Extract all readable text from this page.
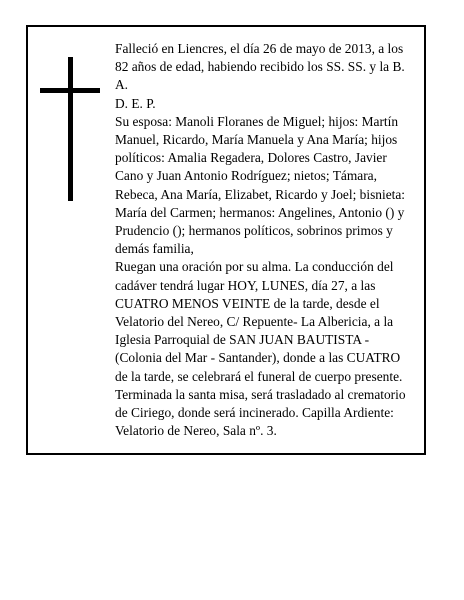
Falleció en Liencres, el día 26 de mayo de 2013, a los 82 años de edad, habiendo recibido los SS. SS. y la B. A.

D. E. P.

Su esposa: Manoli Floranes de Miguel; hijos: Martín Manuel, Ricardo, María Manuela y Ana María; hijos políticos: Amalia Regadera, Dolores Castro, Javier Cano y Juan Antonio Rodríguez; nietos; Támara, Rebeca, Ana María, Elizabet, Ricardo y Joel; bisnieta: María del Carmen; hermanos: Angelines, Antonio () y Prudencio (); hermanos políticos, sobrinos primos y demás familia,

Ruegan una oración por su alma. La conducción del cadáver tendrá lugar HOY, LUNES, día 27, a las CUATRO MENOS VEINTE de la tarde, desde el Velatorio del Nereo, C/ Repuente- La Albericia, a la Iglesia Parroquial de SAN JUAN BAUTISTA - (Colonia del Mar - Santander), donde a las CUATRO de la tarde, se celebrará el funeral de cuerpo presente. Terminada la santa misa, será trasladado al crematorio de Ciriego, donde será incinerado. Capilla Ardiente: Velatorio de Nereo, Sala nº. 3.
